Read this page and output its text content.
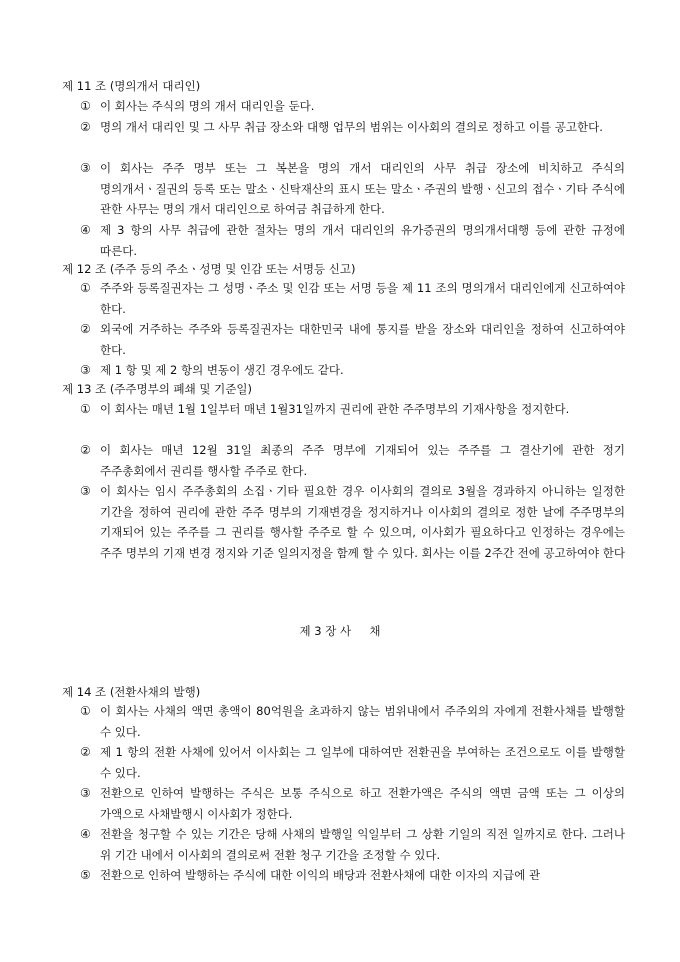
제 11 조 (명의개서 대리인)
① 이 회사는 주식의 명의 개서 대리인을 둔다.
② 명의 개서 대리인 및 그 사무 취급 장소와 대행 업무의 범위는 이사회의 결의로 정하고 이를 공고한다.
③ 이 회사는 주주 명부 또는 그 복본을 명의 개서 대리인의 사무 취급 장소에 비치하고 주식의 명의개서ㆍ질권의 등록 또는 말소ㆍ신탁재산의 표시 또는 말소ㆍ주권의 발행ㆍ신고의 접수ㆍ기타 주식에 관한 사무는 명의 개서 대리인으로 하여금 취급하게 한다.
④ 제 3 항의 사무 취급에 관한 절차는 명의 개서 대리인의 유가증권의 명의개서대행 등에 관한 규정에 따른다.
제 12 조 (주주 등의 주소ㆍ성명 및 인감 또는 서명등 신고)
① 주주와 등록질권자는 그 성명ㆍ주소 및 인감 또는 서명 등을 제 11 조의 명의개서 대리인에게 신고하여야 한다.
② 외국에 거주하는 주주와 등록질권자는 대한민국 내에 통지를 받을 장소와 대리인을 정하여 신고하여야 한다.
③ 제 1 항 및 제 2 항의 변동이 생긴 경우에도 같다.
제 13 조 (주주명부의 폐쇄 및 기준일)
① 이 회사는 매년 1월 1일부터 매년 1월31일까지 권리에 관한 주주명부의 기재사항을 정지한다.
② 이 회사는 매년 12월 31일 최종의 주주 명부에 기재되어 있는 주주를 그 결산기에 관한 정기 주주총회에서 권리를 행사할 주주로 한다.
③ 이 회사는 임시 주주총회의 소집ㆍ기타 필요한 경우 이사회의 결의로 3월을 경과하지 아니하는 일정한 기간을 정하여 권리에 관한 주주 명부의 기재변경을 정지하거나 이사회의 결의로 정한 날에 주주명부의 기재되어 있는 주주를 그 권리를 행사할 주주로 할 수 있으며, 이사회가 필요하다고 인정하는 경우에는 주주 명부의 기재 변경 정지와 기준 일의지정을 함께 할 수 있다. 회사는 이를 2주간 전에 공고하여야 한다
제 3 장 사     채
제 14 조 (전환사채의 발행)
① 이 회사는 사채의 액면 총액이 80억원을 초과하지 않는 범위내에서 주주외의 자에게 전환사채를 발행할 수 있다.
② 제 1 항의 전환 사채에 있어서 이사회는 그 일부에 대하여만 전환권을 부여하는 조건으로도 이를 발행할 수 있다.
③ 전환으로 인하여 발행하는 주식은 보통 주식으로 하고 전환가액은 주식의 액면 금액 또는 그 이상의 가액으로 사채발행시 이사회가 정한다.
④ 전환을 청구할 수 있는 기간은 당해 사채의 발행일 익일부터 그 상환 기일의 직전 일까지로 한다. 그러나 위 기간 내에서 이사회의 결의로써 전환 청구 기간을 조정할 수 있다.
⑤ 전환으로 인하여 발행하는 주식에 대한 이익의 배당과 전환사채에 대한 이자의 지급에 관
